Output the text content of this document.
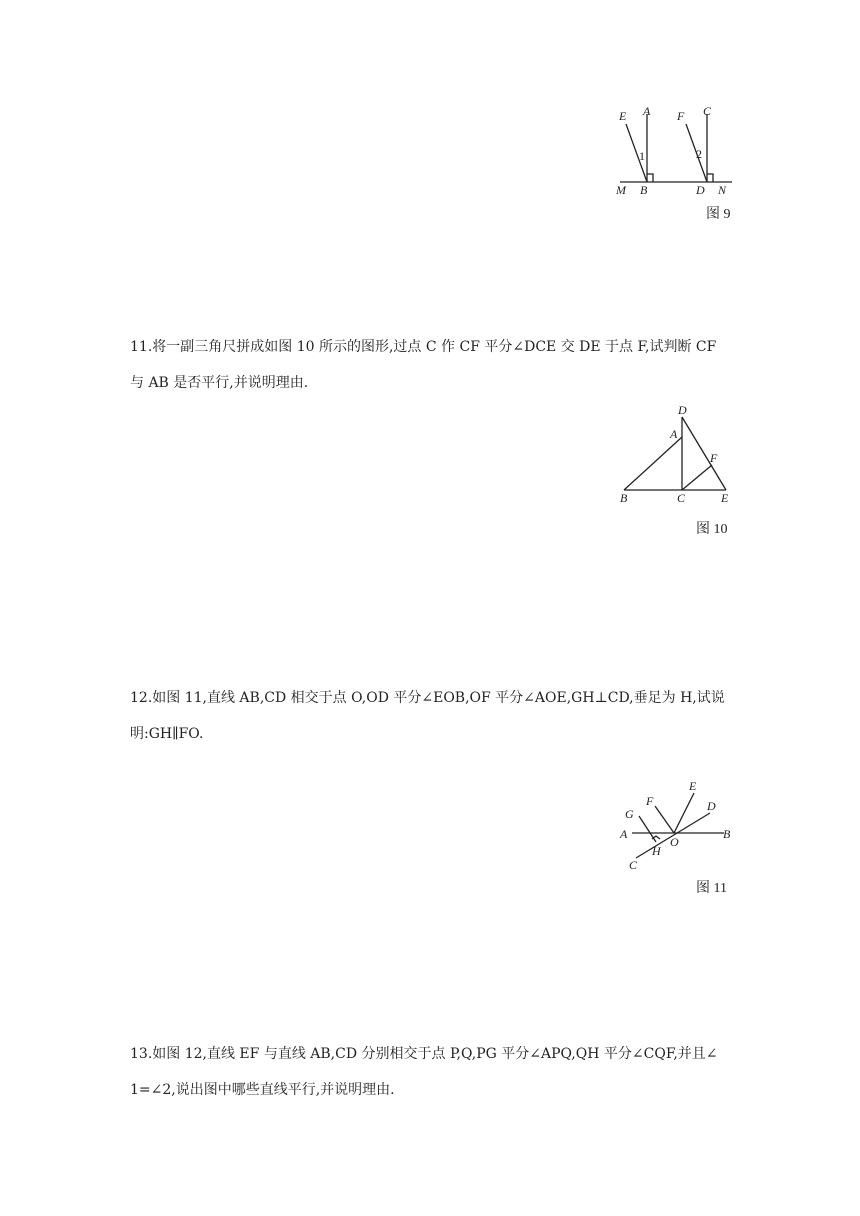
E A F C
1	2
M B	D N
图 9

11.将一副三角尺拼成如图 10 所示的图形,过点 C 作 CF 平分∠DCE 交 DE 于点 F,试判断 CF

与 AB 是否平行,并说明理由.

D
A
F
B	C	E
图 10

12.如图 11,直线 AB,CD 相交于点 O,OD 平分∠EOB,OF 平分∠AOE,GH⊥CD,垂足为 H,试说

明:GH∥FO.

E
F
G
D
A
O
B
H
C
图 11

13.如图 12,直线 EF 与直线 AB,CD 分别相交于点 P,Q,PG 平分∠APQ,QH 平分∠CQF,并且∠

1=∠2,说出图中哪些直线平行,并说明理由.
